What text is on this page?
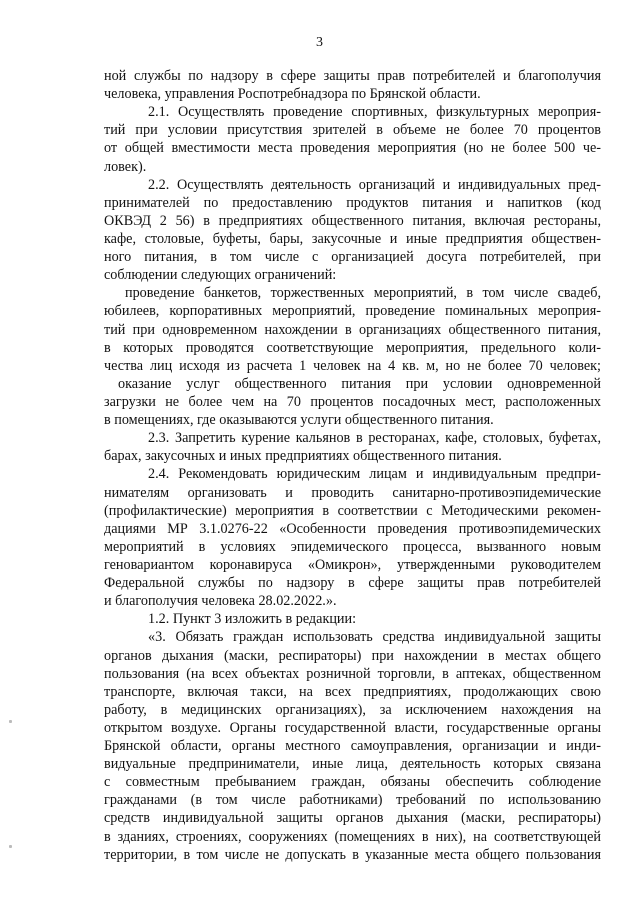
3
ной службы по надзору в сфере защиты прав потребителей и благополучия
человека, управления Роспотребнадзора по Брянской области.
2.1. Осуществлять проведение спортивных, физкультурных мероприя-
тий при условии присутствия зрителей в объеме не более 70 процентов
от общей вместимости места проведения мероприятия (но не более 500 че-
ловек).
2.2. Осуществлять деятельность организаций и индивидуальных пред-
принимателей по предоставлению продуктов питания и напитков (код
ОКВЭД 2 56) в предприятиях общественного питания, включая рестораны,
кафе, столовые, буфеты, бары, закусочные и иные предприятия обществен-
ного питания, в том числе с организацией досуга потребителей, при
соблюдении следующих ограничений:
проведение банкетов, торжественных мероприятий, в том числе свадеб,
юбилеев, корпоративных мероприятий, проведение поминальных мероприя-
тий при одновременном нахождении в организациях общественного питания,
в которых проводятся соответствующие мероприятия, предельного коли-
чества лиц исходя из расчета 1 человек на 4 кв. м, но не более 70 человек;
оказание услуг общественного питания при условии одновременной
загрузки не более чем на 70 процентов посадочных мест, расположенных
в помещениях, где оказываются услуги общественного питания.
2.3. Запретить курение кальянов в ресторанах, кафе, столовых, буфетах,
барах, закусочных и иных предприятиях общественного питания.
2.4. Рекомендовать юридическим лицам и индивидуальным предпри-
нимателям организовать и проводить санитарно-противоэпидемические
(профилактические) мероприятия в соответствии с Методическими рекомен-
дациями МР 3.1.0276-22 «Особенности проведения противоэпидемических
мероприятий в условиях эпидемического процесса, вызванного новым
геновариантом коронавируса «Омикрон», утвержденными руководителем
Федеральной службы по надзору в сфере защиты прав потребителей
и благополучия человека 28.02.2022.».
1.2. Пункт 3 изложить в редакции:
«3. Обязать граждан использовать средства индивидуальной защиты
органов дыхания (маски, респираторы) при нахождении в местах общего
пользования (на всех объектах розничной торговли, в аптеках, общественном
транспорте, включая такси, на всех предприятиях, продолжающих свою
работу, в медицинских организациях), за исключением нахождения на
открытом воздухе. Органы государственной власти, государственные органы
Брянской области, органы местного самоуправления, организации и инди-
видуальные предприниматели, иные лица, деятельность которых связана
с совместным пребыванием граждан, обязаны обеспечить соблюдение
гражданами (в том числе работниками) требований по использованию
средств индивидуальной защиты органов дыхания (маски, респираторы)
в зданиях, строениях, сооружениях (помещениях в них), на соответствующей
территории, в том числе не допускать в указанные места общего пользования
